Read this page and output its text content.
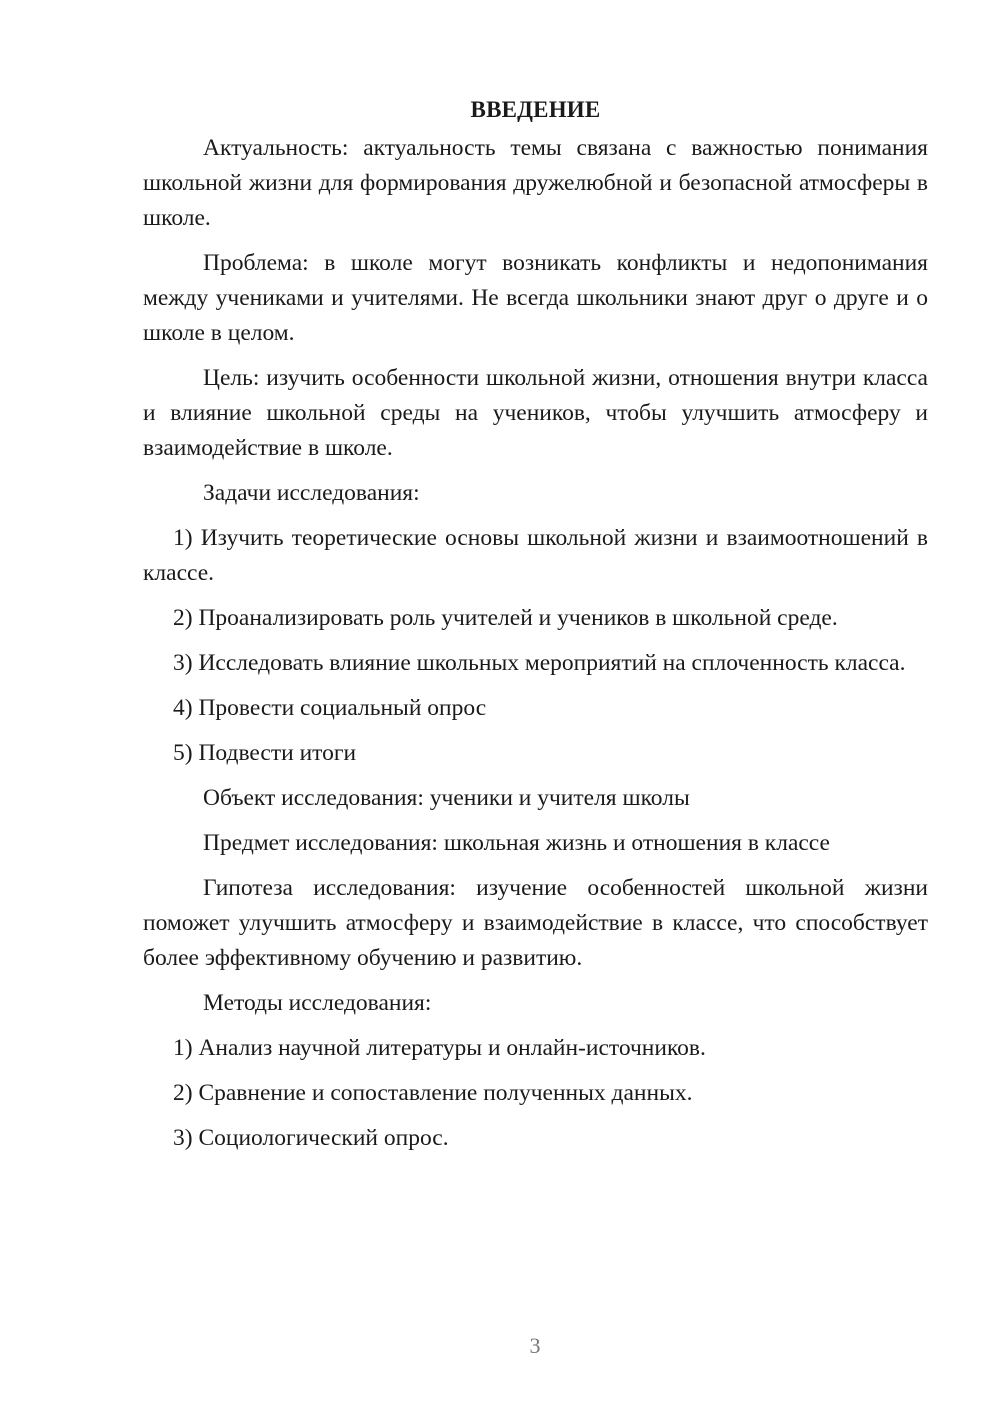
ВВЕДЕНИЕ

Актуальность: актуальность темы связана с важностью понимания школьной жизни для формирования дружелюбной и безопасной атмосферы в школе.

Проблема: в школе могут возникать конфликты и недопонимания между учениками и учителями. Не всегда школьники знают друг о друге и о школе в целом.

Цель: изучить особенности школьной жизни, отношения внутри класса и влияние школьной среды на учеников, чтобы улучшить атмосферу и взаимодействие в школе.

Задачи исследования:

1) Изучить теоретические основы школьной жизни и взаимоотношений в классе.

2) Проанализировать роль учителей и учеников в школьной среде.

3) Исследовать влияние школьных мероприятий на сплоченность класса.

4) Провести социальный опрос

5) Подвести итоги

Объект исследования: ученики и учителя школы

Предмет исследования: школьная жизнь и отношения в классе

Гипотеза исследования: изучение особенностей школьной жизни поможет улучшить атмосферу и взаимодействие в классе, что способствует более эффективному обучению и развитию.

Методы исследования:

1) Анализ научной литературы и онлайн-источников.

2) Сравнение и сопоставление полученных данных.

3) Социологический опрос.

3
